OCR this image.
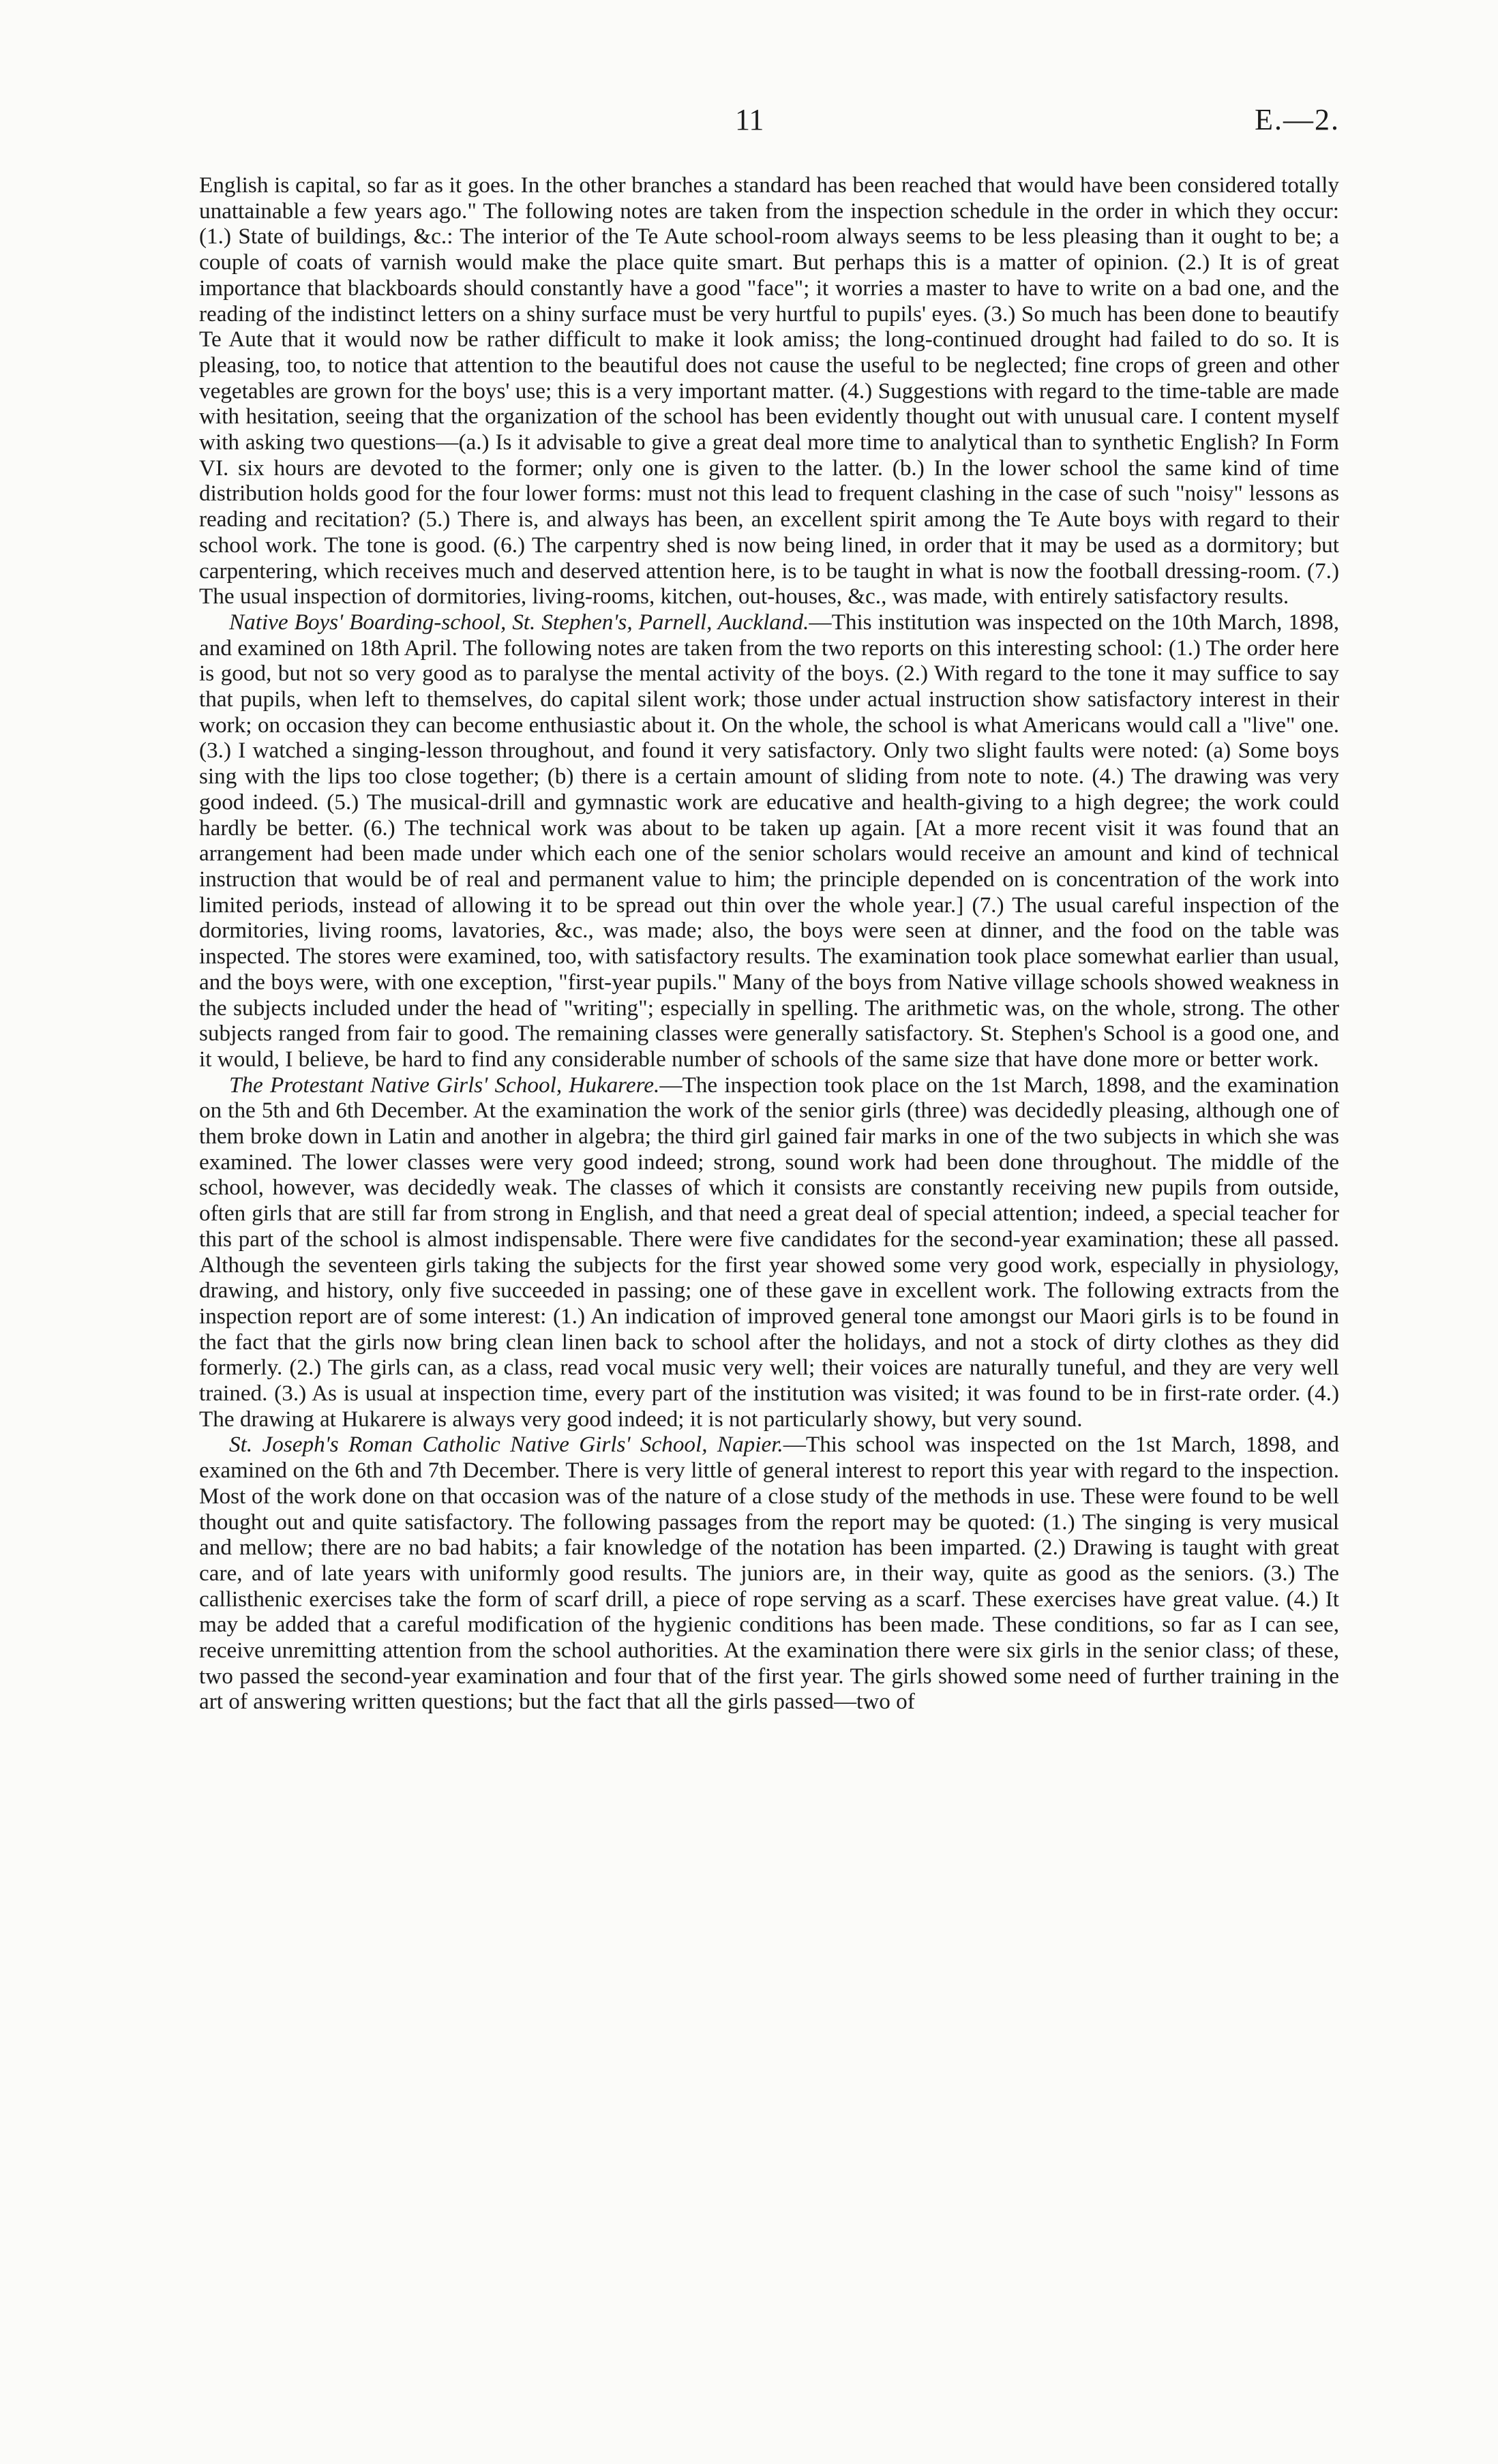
11	E.—2.

English is capital, so far as it goes. In the other branches a standard has been reached that would have been considered totally unattainable a few years ago." The following notes are taken from the inspection schedule in the order in which they occur: (1.) State of buildings, &c.: The interior of the Te Aute school-room always seems to be less pleasing than it ought to be; a couple of coats of varnish would make the place quite smart. But perhaps this is a matter of opinion. (2.) It is of great importance that blackboards should constantly have a good "face"; it worries a master to have to write on a bad one, and the reading of the indistinct letters on a shiny surface must be very hurtful to pupils' eyes. (3.) So much has been done to beautify Te Aute that it would now be rather difficult to make it look amiss; the long-continued drought had failed to do so. It is pleasing, too, to notice that attention to the beautiful does not cause the useful to be neglected; fine crops of green and other vegetables are grown for the boys' use; this is a very important matter. (4.) Suggestions with regard to the time-table are made with hesitation, seeing that the organization of the school has been evidently thought out with unusual care. I content myself with asking two questions—(a.) Is it advisable to give a great deal more time to analytical than to synthetic English? In Form VI. six hours are devoted to the former; only one is given to the latter. (b.) In the lower school the same kind of time distribution holds good for the four lower forms: must not this lead to frequent clashing in the case of such "noisy" lessons as reading and recitation? (5.) There is, and always has been, an excellent spirit among the Te Aute boys with regard to their school work. The tone is good. (6.) The carpentry shed is now being lined, in order that it may be used as a dormitory; but carpentering, which receives much and deserved attention here, is to be taught in what is now the football dressing-room. (7.) The usual inspection of dormitories, living-rooms, kitchen, out-houses, &c., was made, with entirely satisfactory results.

Native Boys' Boarding-school, St. Stephen's, Parnell, Auckland.—This institution was inspected on the 10th March, 1898, and examined on 18th April. The following notes are taken from the two reports on this interesting school: (1.) The order here is good, but not so very good as to paralyse the mental activity of the boys. (2.) With regard to the tone it may suffice to say that pupils, when left to themselves, do capital silent work; those under actual instruction show satisfactory interest in their work; on occasion they can become enthusiastic about it. On the whole, the school is what Americans would call a "live" one. (3.) I watched a singing-lesson throughout, and found it very satisfactory. Only two slight faults were noted: (a) Some boys sing with the lips too close together; (b) there is a certain amount of sliding from note to note. (4.) The drawing was very good indeed. (5.) The musical-drill and gymnastic work are educative and health-giving to a high degree; the work could hardly be better. (6.) The technical work was about to be taken up again. [At a more recent visit it was found that an arrangement had been made under which each one of the senior scholars would receive an amount and kind of technical instruction that would be of real and permanent value to him; the principle depended on is concentration of the work into limited periods, instead of allowing it to be spread out thin over the whole year.] (7.) The usual careful inspection of the dormitories, living rooms, lavatories, &c., was made; also, the boys were seen at dinner, and the food on the table was inspected. The stores were examined, too, with satisfactory results. The examination took place somewhat earlier than usual, and the boys were, with one exception, "first-year pupils." Many of the boys from Native village schools showed weakness in the subjects included under the head of "writing"; especially in spelling. The arithmetic was, on the whole, strong. The other subjects ranged from fair to good. The remaining classes were generally satisfactory. St. Stephen's School is a good one, and it would, I believe, be hard to find any considerable number of schools of the same size that have done more or better work.

The Protestant Native Girls' School, Hukarere.—The inspection took place on the 1st March, 1898, and the examination on the 5th and 6th December. At the examination the work of the senior girls (three) was decidedly pleasing, although one of them broke down in Latin and another in algebra; the third girl gained fair marks in one of the two subjects in which she was examined. The lower classes were very good indeed; strong, sound work had been done throughout. The middle of the school, however, was decidedly weak. The classes of which it consists are constantly receiving new pupils from outside, often girls that are still far from strong in English, and that need a great deal of special attention; indeed, a special teacher for this part of the school is almost indispensable. There were five candidates for the second-year examination; these all passed. Although the seventeen girls taking the subjects for the first year showed some very good work, especially in physiology, drawing, and history, only five succeeded in passing; one of these gave in excellent work. The following extracts from the inspection report are of some interest: (1.) An indication of improved general tone amongst our Maori girls is to be found in the fact that the girls now bring clean linen back to school after the holidays, and not a stock of dirty clothes as they did formerly. (2.) The girls can, as a class, read vocal music very well; their voices are naturally tuneful, and they are very well trained. (3.) As is usual at inspection time, every part of the institution was visited; it was found to be in first-rate order. (4.) The drawing at Hukarere is always very good indeed; it is not particularly showy, but very sound.

St. Joseph's Roman Catholic Native Girls' School, Napier.—This school was inspected on the 1st March, 1898, and examined on the 6th and 7th December. There is very little of general interest to report this year with regard to the inspection. Most of the work done on that occasion was of the nature of a close study of the methods in use. These were found to be well thought out and quite satisfactory. The following passages from the report may be quoted: (1.) The singing is very musical and mellow; there are no bad habits; a fair knowledge of the notation has been imparted. (2.) Drawing is taught with great care, and of late years with uniformly good results. The juniors are, in their way, quite as good as the seniors. (3.) The callisthenic exercises take the form of scarf drill, a piece of rope serving as a scarf. These exercises have great value. (4.) It may be added that a careful modification of the hygienic conditions has been made. These conditions, so far as I can see, receive unremitting attention from the school authorities. At the examination there were six girls in the senior class; of these, two passed the second-year examination and four that of the first year. The girls showed some need of further training in the art of answering written questions; but the fact that all the girls passed—two of
